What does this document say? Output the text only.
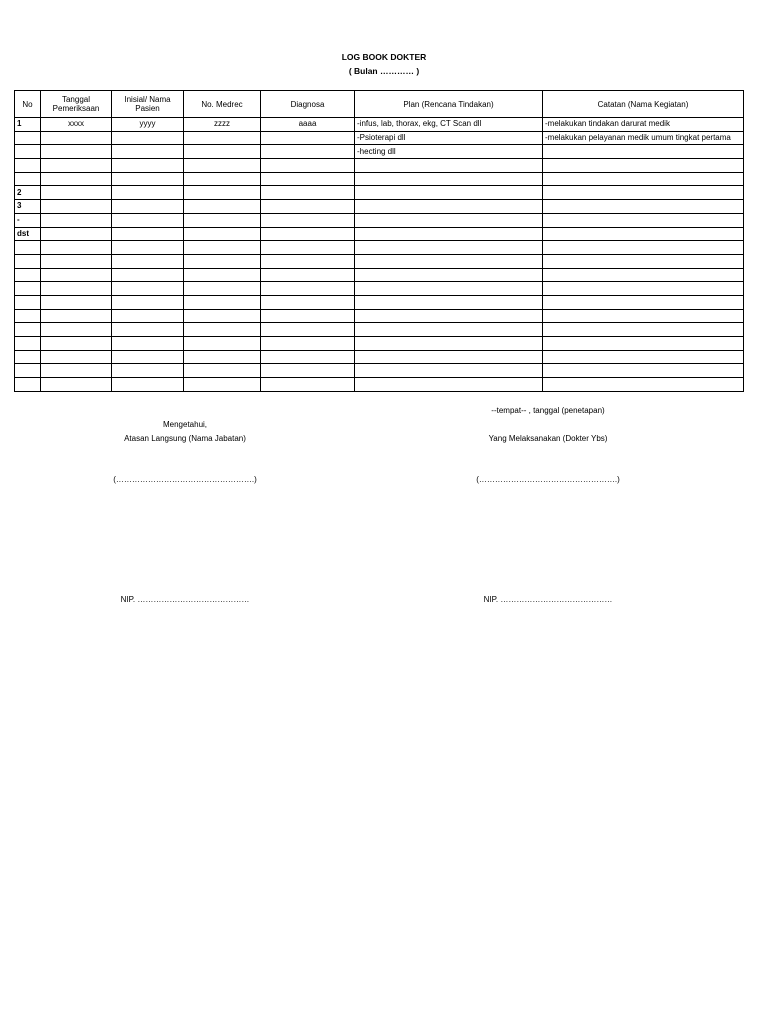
LOG BOOK DOKTER
( Bulan ………… )
No	Tanggal Pemeriksaan	Inisial/ Nama Pasien	No. Medrec	Diagnosa	Plan (Rencana Tindakan)	Catatan (Nama Kegiatan)
1	xxxx	yyyy	zzzz	aaaa	-infus, lab, thorax, ekg, CT Scan dll	-melakukan tindakan darurat medik
					-Psioterapi dll	-melakukan pelayanan medik umum tingkat pertama
					-hecting dll	

2						
3						
-						
dst						

Mengetahui,
Atasan Langsung (Nama Jabatan)
(…………………………………………….)
NIP. ……………………………………
--tempat-- , tanggal (penetapan)
Yang Melaksanakan (Dokter Ybs)
(…………………………………………….)
NIP. ……………………………………
